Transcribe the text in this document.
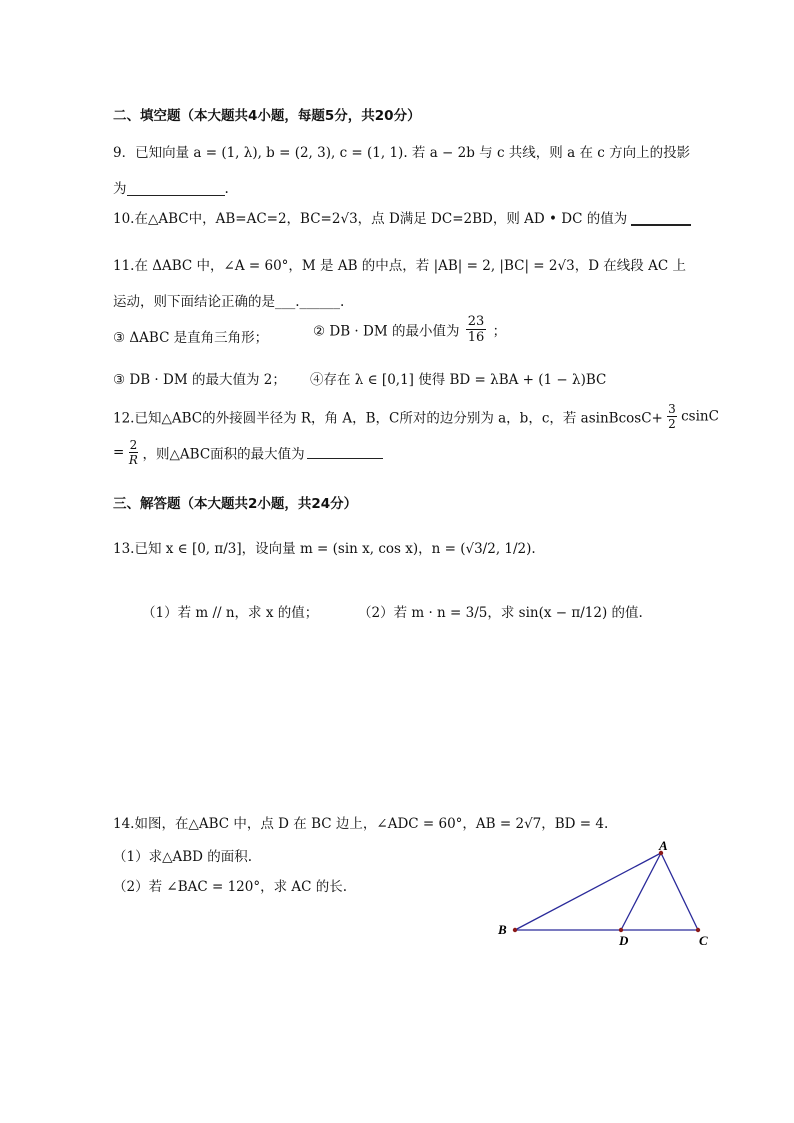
二、填空题（本大题共4小题，每题5分，共20分）
9．已知向量 a = (1, λ), b = (2, 3), c = (1, 1). 若 a − 2b 与 c 共线，则 a 在 c 方向上的投影
为	.
10.在△ABC中，AB=AC=2，BC=2√3，点 D满足 DC=2BD，则 AD • DC 的值为
11.在 ΔABC 中，∠A = 60°，M 是 AB 的中点，若 |AB| = 2, |BC| = 2√3，D 在线段 AC 上
运动，则下面结论正确的是___.______.
③ ΔABC 是直角三角形；	② DB · DM 的最小值为 $\frac{23}{16}$ ；
③ DB · DM 的最大值为 2； ④存在 λ ∈ [0,1] 使得 BD = λBA + (1 − λ)BC
12.已知△ABC的外接圆半径为 R，角 A，B，C所对的边分别为 a，b，c，若 asinBcosC+ $\frac{3}{2}$ csinC
= $\frac{2}{R}$ ，则△ABC面积的最大值为
三、解答题（本大题共2小题，共24分）
13.已知 x ∈ [0, π/3]，设向量 m = (sin x, cos x)，n = (√3/2, 1/2).
（1）若 m // n，求 x 的值；	（2）若 m · n = 3/5，求 sin(x − π/12) 的值.
14.如图，在△ABC 中，点 D 在 BC 边上，∠ADC = 60°，AB = 2√7，BD = 4.
（1）求△ABD 的面积.
（2）若 ∠BAC = 120°，求 AC 的长.
A
B
D	C
